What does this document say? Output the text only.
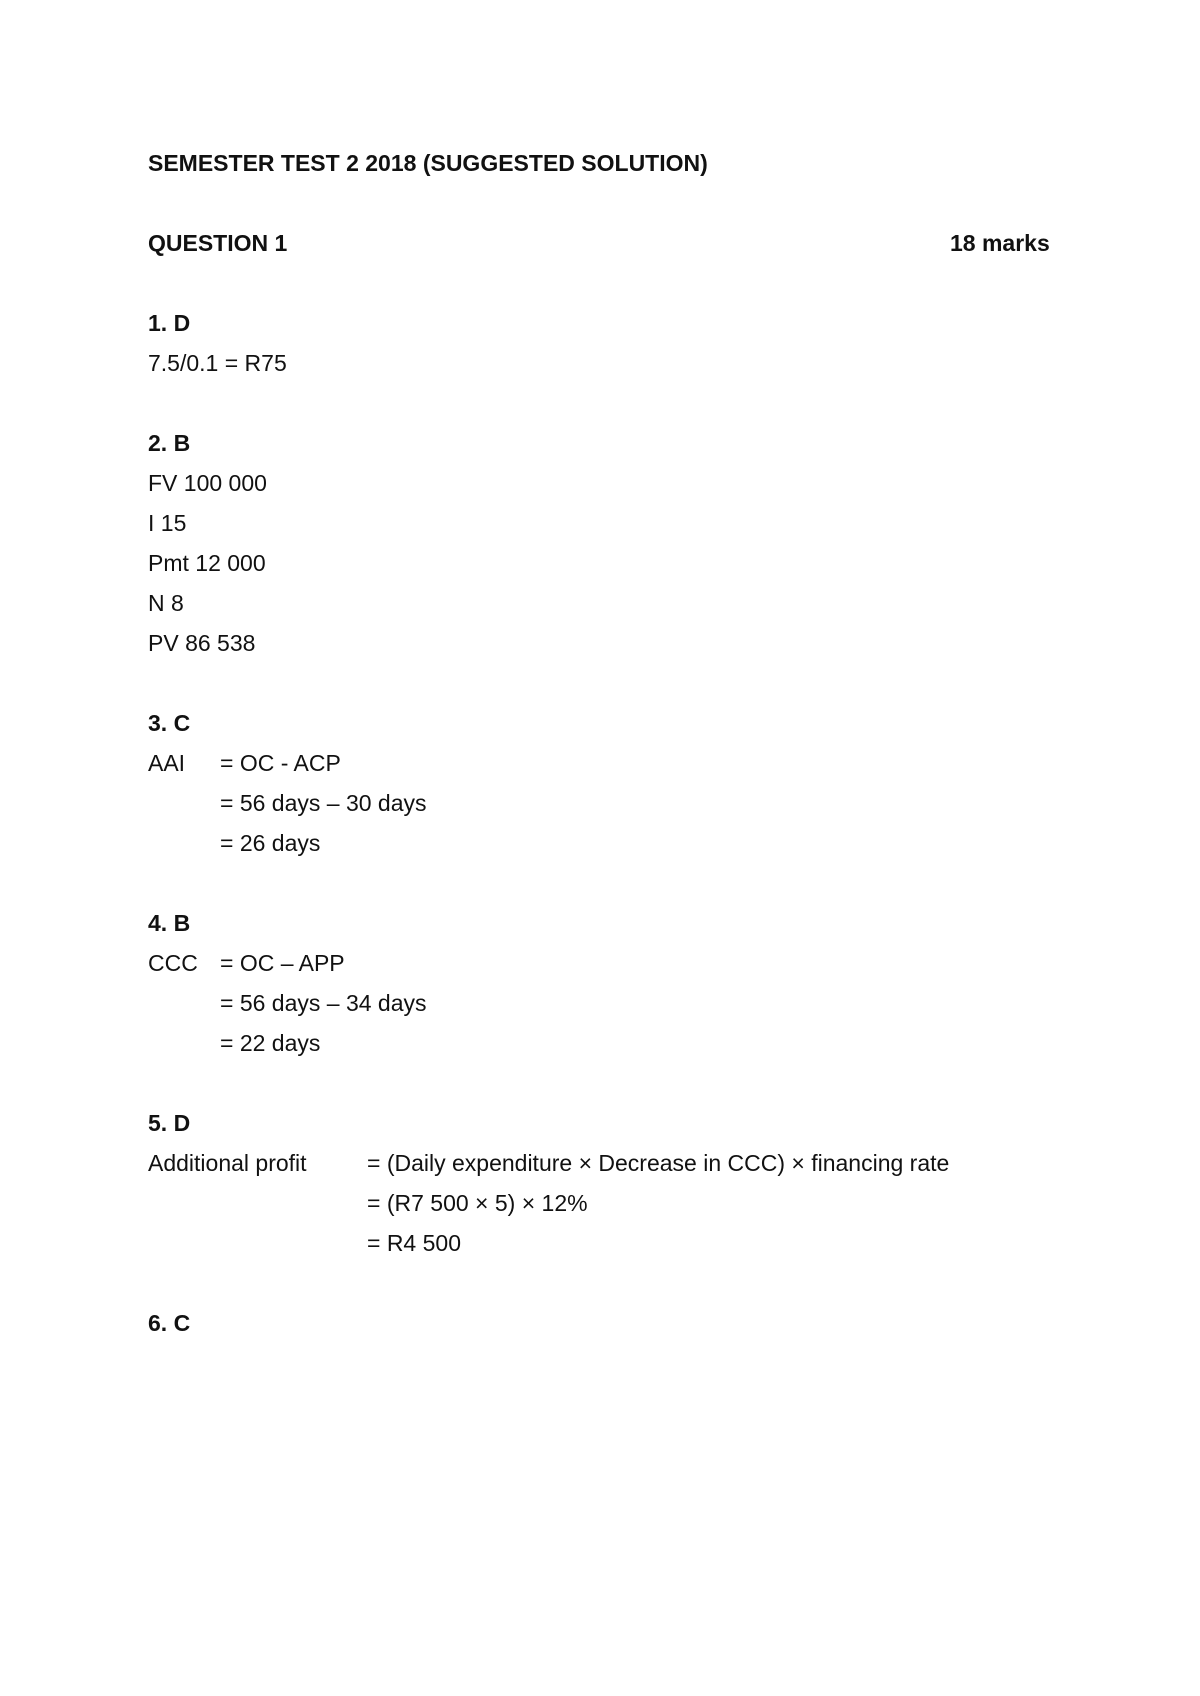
SEMESTER TEST 2 2018 (SUGGESTED SOLUTION)
QUESTION 1	18 marks
1. D
7.5/0.1 = R75
2. B
FV 100 000
I 15
Pmt 12 000
N 8
PV 86 538
3. C

AAI

= OC - ACP

= 56 days – 30 days

= 26 days

4. B

CCC

= OC – APP

= 56 days – 34 days

= 22 days

5. D

Additional profit

	= (Daily expenditure × Decrease in CCC) × financing rate

= (R7 500 × 5) × 12%

= R4 500

6. C
